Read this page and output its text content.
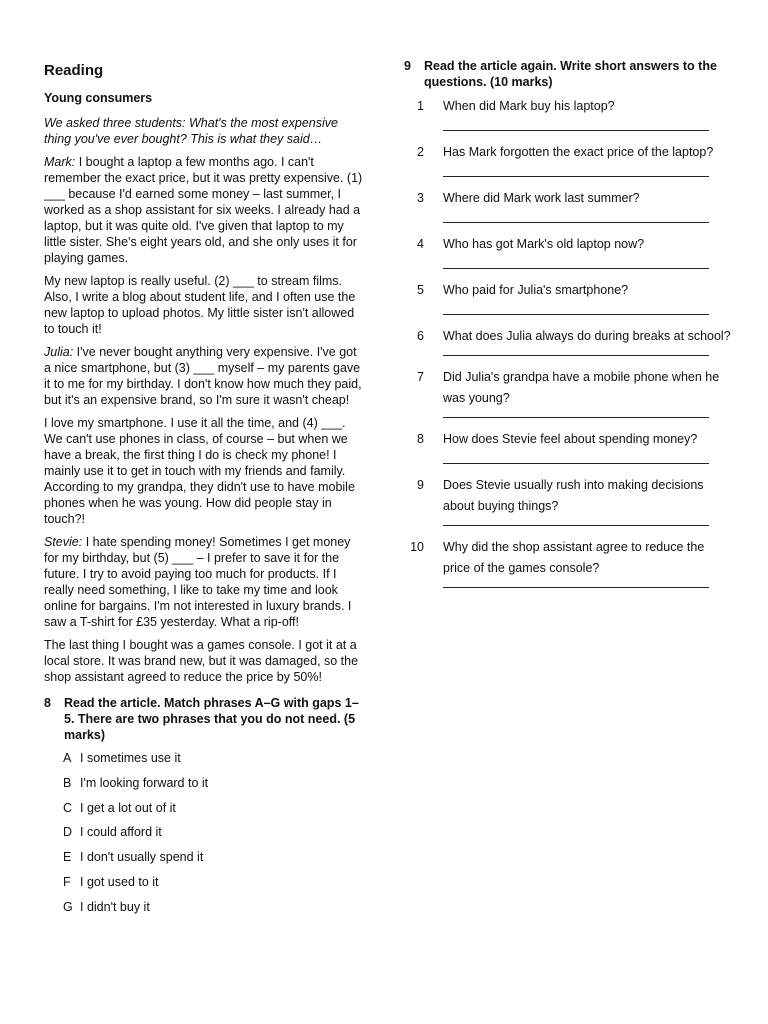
Reading
Young consumers

We asked three students: What's the most expensive thing you've ever bought? This is what they said…

Mark: I bought a laptop a few months ago. I can't remember the exact price, but it was pretty expensive. (1) ___ because I'd earned some money – last summer, I worked as a shop assistant for six weeks. I already had a laptop, but it was quite old. I've given that laptop to my little sister. She's eight years old, and she only uses it for playing games.

My new laptop is really useful. (2) ___ to stream films. Also, I write a blog about student life, and I often use the new laptop to upload photos. My little sister isn't allowed to touch it!

Julia: I've never bought anything very expensive. I've got a nice smartphone, but (3) ___ myself – my parents gave it to me for my birthday. I don't know how much they paid, but it's an expensive brand, so I'm sure it wasn't cheap!

I love my smartphone. I use it all the time, and (4) ___. We can't use phones in class, of course – but when we have a break, the first thing I do is check my phone! I mainly use it to get in touch with my friends and family. According to my grandpa, they didn't use to have mobile phones when he was young. How did people stay in touch?!

Stevie: I hate spending money! Sometimes I get money for my birthday, but (5) ___ – I prefer to save it for the future. I try to avoid paying too much for products. If I really need something, I like to take my time and look online for bargains. I'm not interested in luxury brands. I saw a T-shirt for £35 yesterday. What a rip-off!

The last thing I bought was a games console. I got it at a local store. It was brand new, but it was damaged, so the shop assistant agreed to reduce the price by 50%!

8	Read the article. Match phrases A–G with gaps 1–5. There are two phrases that you do not need. (5 marks)
A I sometimes use it
B I'm looking forward to it
C I get a lot out of it
D I could afford it
E I don't usually spend it
F I got used to it
G I didn't buy it
9	Read the article again. Write short answers to the questions. (10 marks)
1	When did Mark buy his laptop?
2	Has Mark forgotten the exact price of the laptop?
3	Where did Mark work last summer?
4	Who has got Mark's old laptop now?
5	Who paid for Julia's smartphone?
6	What does Julia always do during breaks at school?
7	Did Julia's grandpa have a mobile phone when he was young?
8	How does Stevie feel about spending money?
9	Does Stevie usually rush into making decisions about buying things?
10	Why did the shop assistant agree to reduce the price of the games console?
